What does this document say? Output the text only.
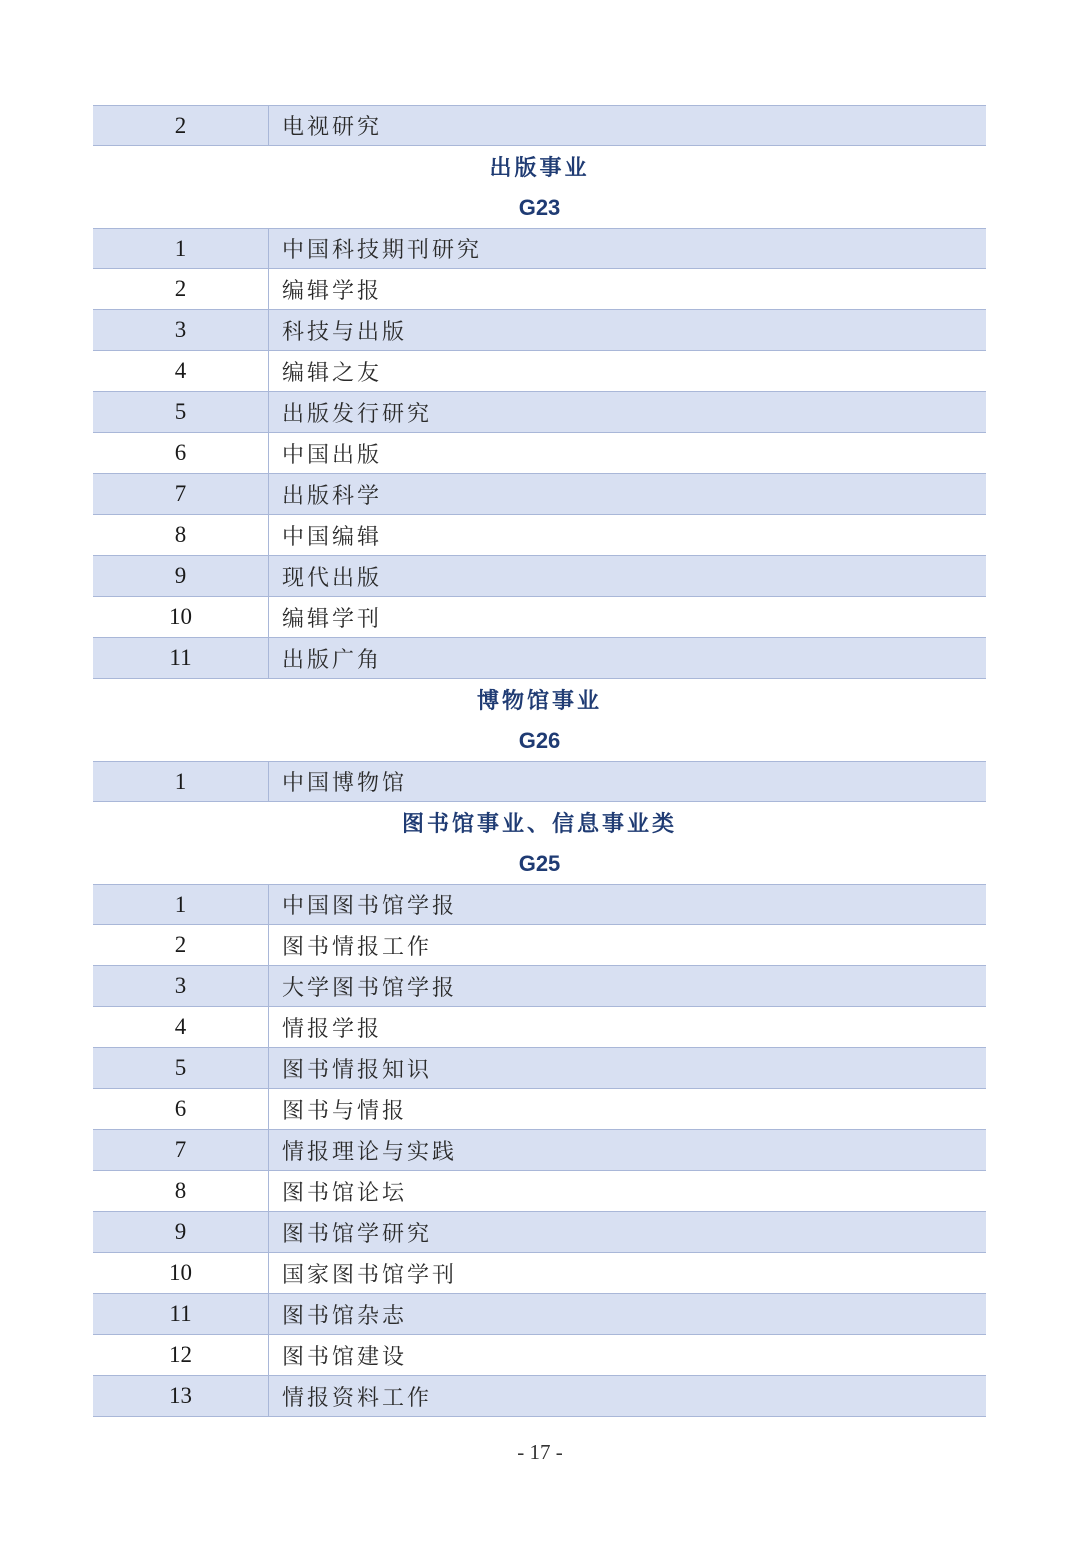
2	电视研究
出版事业
G23
1	中国科技期刊研究
2	编辑学报
3	科技与出版
4	编辑之友
5	出版发行研究
6	中国出版
7	出版科学
8	中国编辑
9	现代出版
10	编辑学刊
11	出版广角
博物馆事业
G26
1	中国博物馆
图书馆事业、信息事业类
G25
1	中国图书馆学报
2	图书情报工作
3	大学图书馆学报
4	情报学报
5	图书情报知识
6	图书与情报
7	情报理论与实践
8	图书馆论坛
9	图书馆学研究
10	国家图书馆学刊
11	图书馆杂志
12	图书馆建设
13	情报资料工作
- 17 -
